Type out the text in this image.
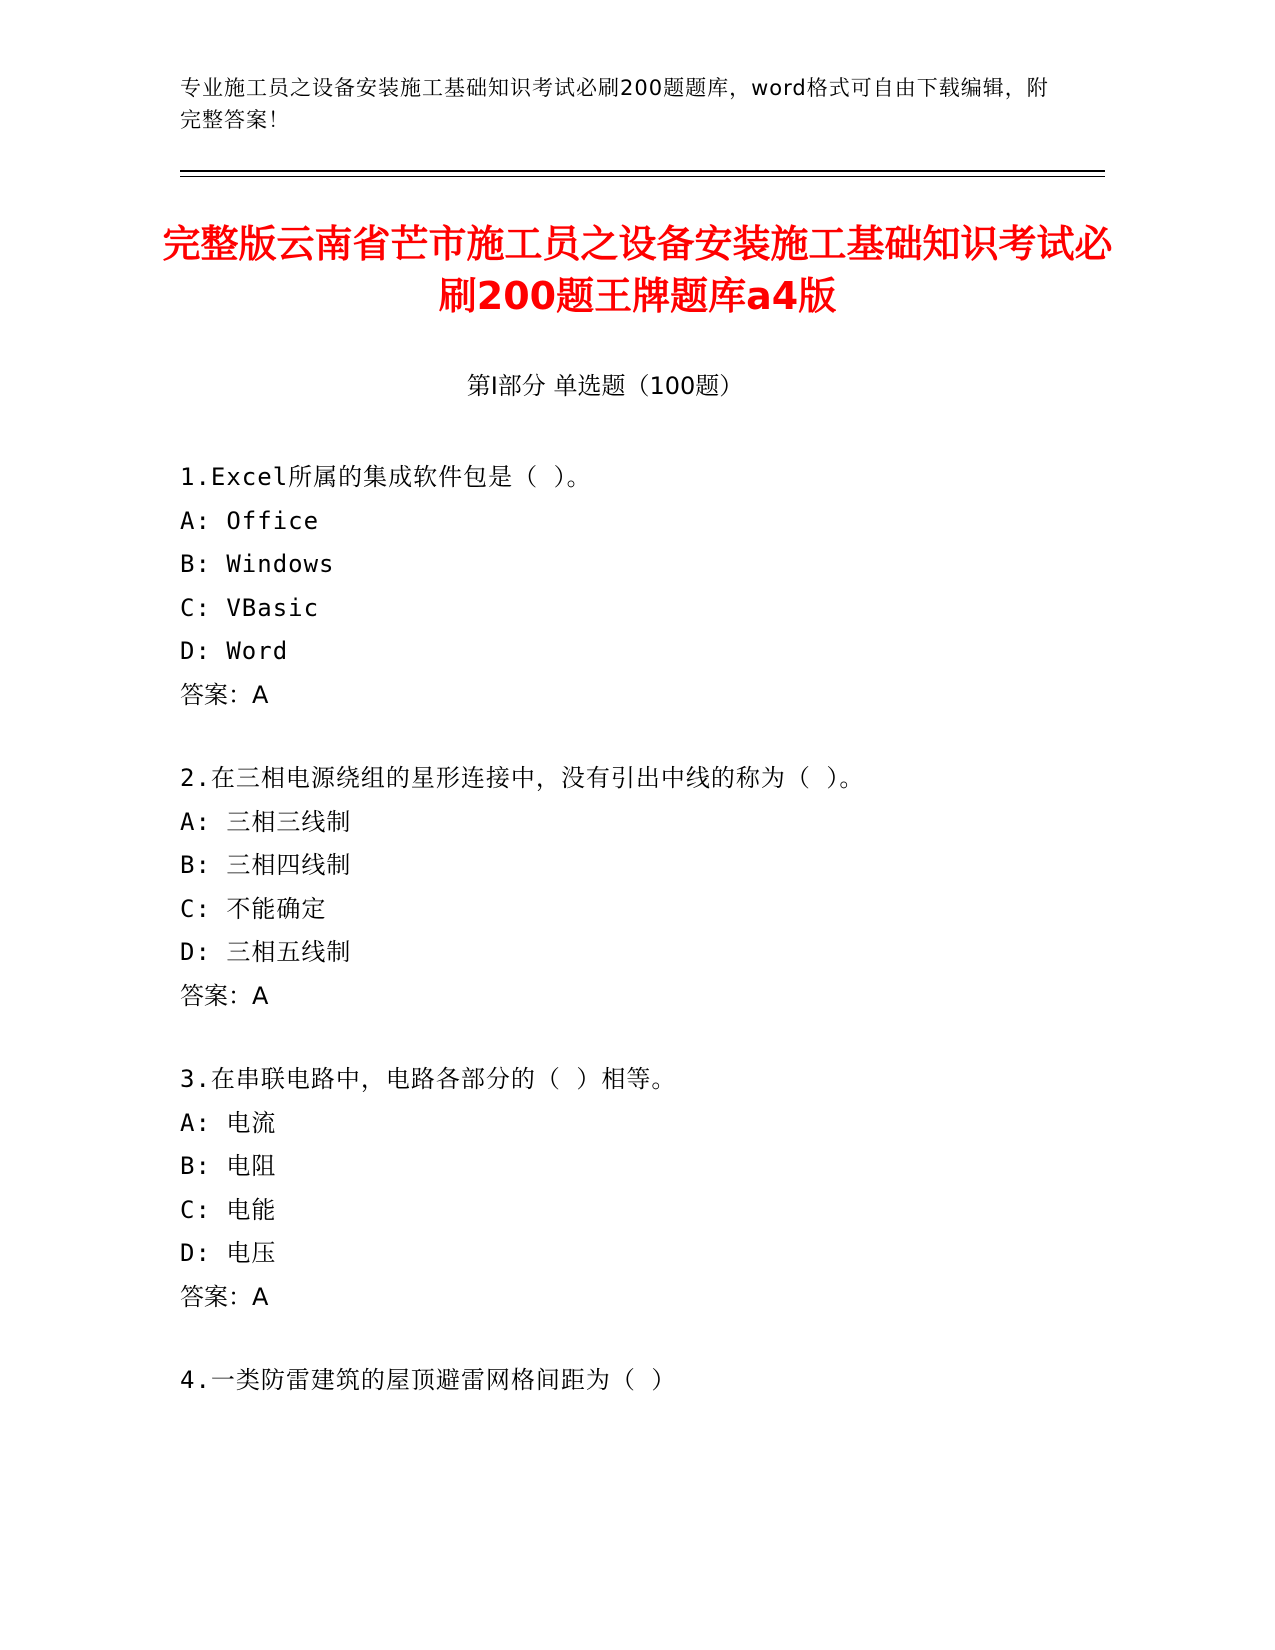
专业施工员之设备安装施工基础知识考试必刷200题题库，word格式可自由下载编辑，附完整答案！
完整版云南省芒市施工员之设备安装施工基础知识考试必刷200题王牌题库a4版
第Ⅰ部分 单选题（100题）
1.Excel所属的集成软件包是（ ）。
A: Office
B: Windows
C: VBasic
D: Word
答案：A
2.在三相电源绕组的星形连接中，没有引出中线的称为（ ）。
A: 三相三线制
B: 三相四线制
C: 不能确定
D: 三相五线制
答案：A
3.在串联电路中，电路各部分的（ ）相等。
A: 电流
B: 电阻
C: 电能
D: 电压
答案：A
4.一类防雷建筑的屋顶避雷网格间距为（ ）
